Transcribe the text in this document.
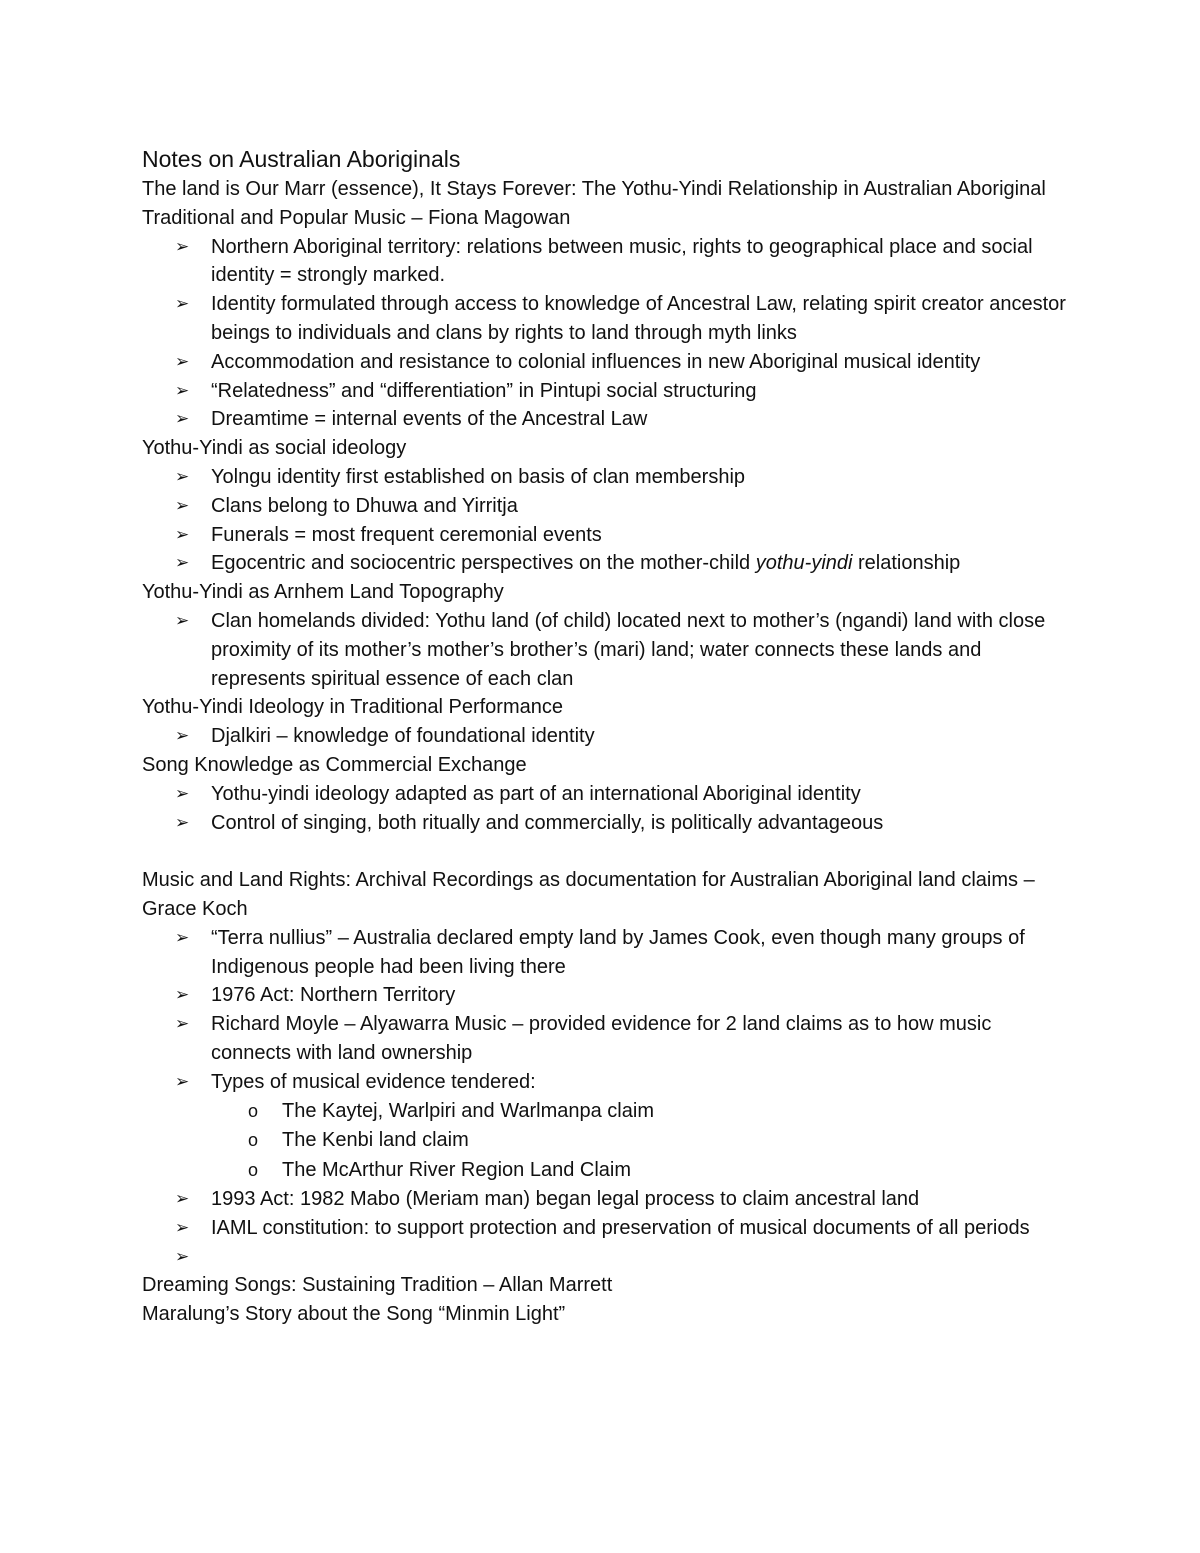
Notes on Australian Aboriginals

The land is Our Marr (essence), It Stays Forever: The Yothu-Yindi Relationship in Australian Aboriginal Traditional and Popular Music – Fiona Magowan

➢	Northern Aboriginal territory: relations between music, rights to geographical place and social identity = strongly marked.
➢	Identity formulated through access to knowledge of Ancestral Law, relating spirit creator ancestor beings to individuals and clans by rights to land through myth links
➢	Accommodation and resistance to colonial influences in new Aboriginal musical identity
➢	“Relatedness” and “differentiation” in Pintupi social structuring
➢	Dreamtime = internal events of the Ancestral Law

Yothu-Yindi as social ideology

➢	Yolngu identity first established on basis of clan membership
➢	Clans belong to Dhuwa and Yirritja
➢	Funerals = most frequent ceremonial events
➢	Egocentric and sociocentric perspectives on the mother-child yothu-yindi relationship

Yothu-Yindi as Arnhem Land Topography

➢	Clan homelands divided: Yothu land (of child) located next to mother’s (ngandi) land with close proximity of its mother’s mother’s brother’s (mari) land; water connects these lands and represents spiritual essence of each clan

Yothu-Yindi Ideology in Traditional Performance

➢	Djalkiri – knowledge of foundational identity

Song Knowledge as Commercial Exchange

➢	Yothu-yindi ideology adapted as part of an international Aboriginal identity
➢	Control of singing, both ritually and commercially, is politically advantageous

Music and Land Rights: Archival Recordings as documentation for Australian Aboriginal land claims – Grace Koch

➢	“Terra nullius” – Australia declared empty land by James Cook, even though many groups of Indigenous people had been living there
➢	1976 Act: Northern Territory
➢	Richard Moyle – Alyawarra Music – provided evidence for 2 land claims as to how music connects with land ownership
➢	Types of musical evidence tendered:
o	The Kaytej, Warlpiri and Warlmanpa claim
o	The Kenbi land claim
o	The McArthur River Region Land Claim
➢	1993 Act: 1982 Mabo (Meriam man) began legal process to claim ancestral land
➢	IAML constitution: to support protection and preservation of musical documents of all periods
➢

Dreaming Songs: Sustaining Tradition – Allan Marrett

Maralung’s Story about the Song “Minmin Light”
